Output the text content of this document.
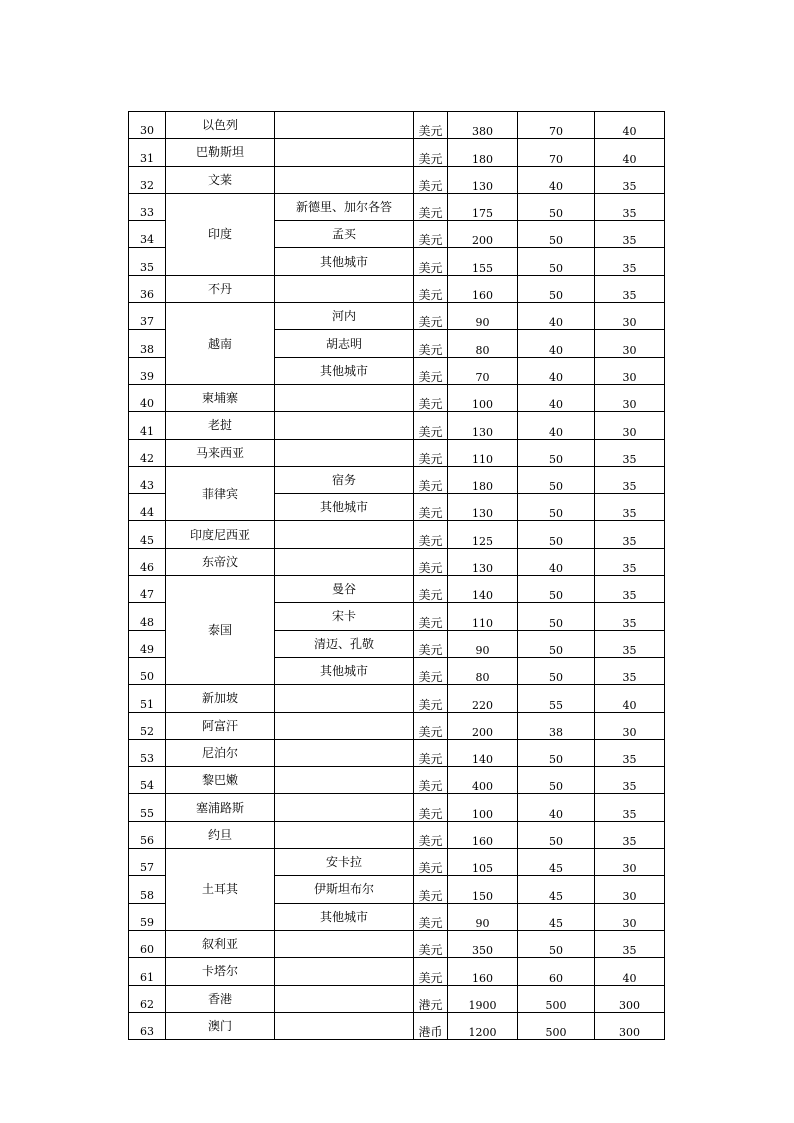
30	以色列		美元	380	70	40
31	巴勒斯坦		美元	180	70	40
32	文莱		美元	130	40	35
33	印度	新德里、加尔各答	美元	175	50	35
34		孟买	美元	200	50	35
35		其他城市	美元	155	50	35
36	不丹		美元	160	50	35
37	越南	河内	美元	90	40	30
38		胡志明	美元	80	40	30
39		其他城市	美元	70	40	30
40	柬埔寨		美元	100	40	30
41	老挝		美元	130	40	30
42	马来西亚		美元	110	50	35
43	菲律宾	宿务	美元	180	50	35
44		其他城市	美元	130	50	35
45	印度尼西亚		美元	125	50	35
46	东帝汶		美元	130	40	35
47	泰国	曼谷	美元	140	50	35
48		宋卡	美元	110	50	35
49		清迈、孔敬	美元	90	50	35
50		其他城市	美元	80	50	35
51	新加坡		美元	220	55	40
52	阿富汗		美元	200	38	30
53	尼泊尔		美元	140	50	35
54	黎巴嫩		美元	400	50	35
55	塞浦路斯		美元	100	40	35
56	约旦		美元	160	50	35
57	土耳其	安卡拉	美元	105	45	30
58		伊斯坦布尔	美元	150	45	30
59		其他城市	美元	90	45	30
60	叙利亚		美元	350	50	35
61	卡塔尔		美元	160	60	40
62	香港		港元	1900	500	300
63	澳门		港币	1200	500	300
